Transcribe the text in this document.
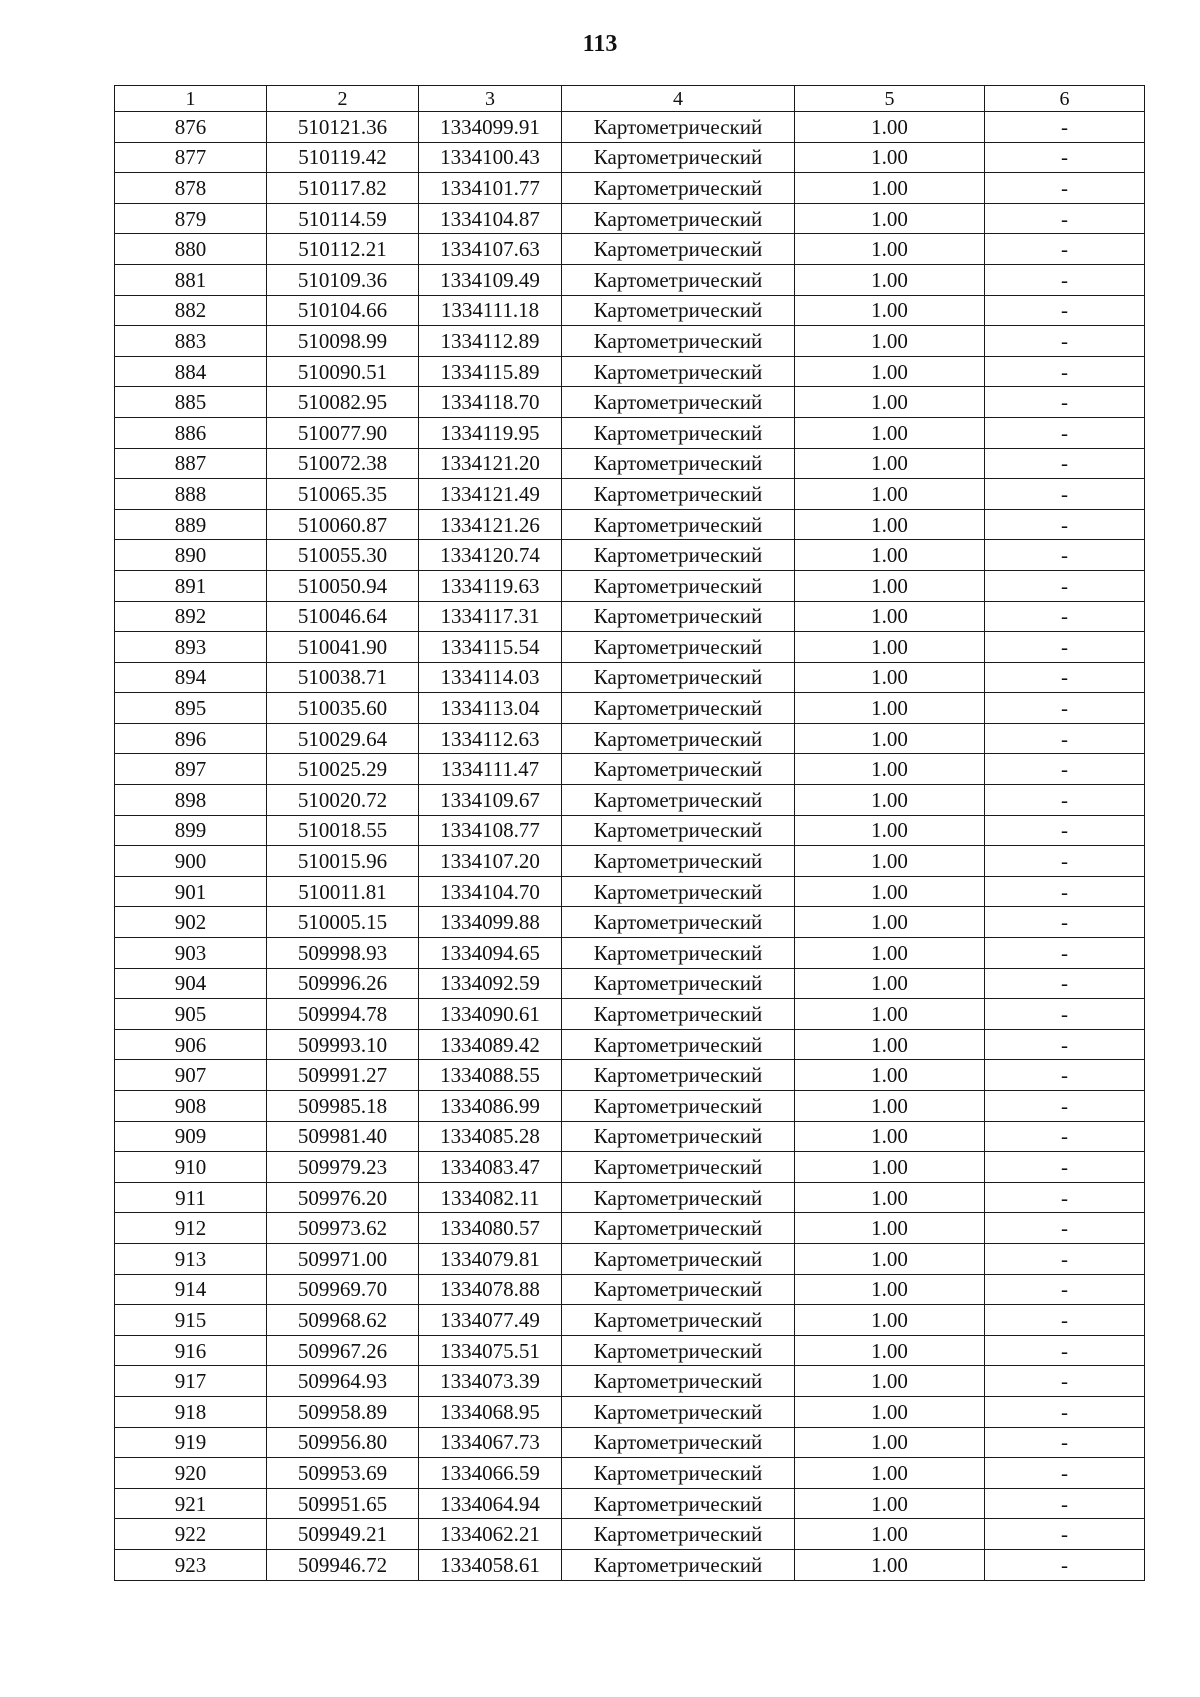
113
1	2	3	4	5	6
876	510121.36	1334099.91	Картометрический	1.00	-
877	510119.42	1334100.43	Картометрический	1.00	-
878	510117.82	1334101.77	Картометрический	1.00	-
879	510114.59	1334104.87	Картометрический	1.00	-
880	510112.21	1334107.63	Картометрический	1.00	-
881	510109.36	1334109.49	Картометрический	1.00	-
882	510104.66	1334111.18	Картометрический	1.00	-
883	510098.99	1334112.89	Картометрический	1.00	-
884	510090.51	1334115.89	Картометрический	1.00	-
885	510082.95	1334118.70	Картометрический	1.00	-
886	510077.90	1334119.95	Картометрический	1.00	-
887	510072.38	1334121.20	Картометрический	1.00	-
888	510065.35	1334121.49	Картометрический	1.00	-
889	510060.87	1334121.26	Картометрический	1.00	-
890	510055.30	1334120.74	Картометрический	1.00	-
891	510050.94	1334119.63	Картометрический	1.00	-
892	510046.64	1334117.31	Картометрический	1.00	-
893	510041.90	1334115.54	Картометрический	1.00	-
894	510038.71	1334114.03	Картометрический	1.00	-
895	510035.60	1334113.04	Картометрический	1.00	-
896	510029.64	1334112.63	Картометрический	1.00	-
897	510025.29	1334111.47	Картометрический	1.00	-
898	510020.72	1334109.67	Картометрический	1.00	-
899	510018.55	1334108.77	Картометрический	1.00	-
900	510015.96	1334107.20	Картометрический	1.00	-
901	510011.81	1334104.70	Картометрический	1.00	-
902	510005.15	1334099.88	Картометрический	1.00	-
903	509998.93	1334094.65	Картометрический	1.00	-
904	509996.26	1334092.59	Картометрический	1.00	-
905	509994.78	1334090.61	Картометрический	1.00	-
906	509993.10	1334089.42	Картометрический	1.00	-
907	509991.27	1334088.55	Картометрический	1.00	-
908	509985.18	1334086.99	Картометрический	1.00	-
909	509981.40	1334085.28	Картометрический	1.00	-
910	509979.23	1334083.47	Картометрический	1.00	-
911	509976.20	1334082.11	Картометрический	1.00	-
912	509973.62	1334080.57	Картометрический	1.00	-
913	509971.00	1334079.81	Картометрический	1.00	-
914	509969.70	1334078.88	Картометрический	1.00	-
915	509968.62	1334077.49	Картометрический	1.00	-
916	509967.26	1334075.51	Картометрический	1.00	-
917	509964.93	1334073.39	Картометрический	1.00	-
918	509958.89	1334068.95	Картометрический	1.00	-
919	509956.80	1334067.73	Картометрический	1.00	-
920	509953.69	1334066.59	Картометрический	1.00	-
921	509951.65	1334064.94	Картометрический	1.00	-
922	509949.21	1334062.21	Картометрический	1.00	-
923	509946.72	1334058.61	Картометрический	1.00	-
